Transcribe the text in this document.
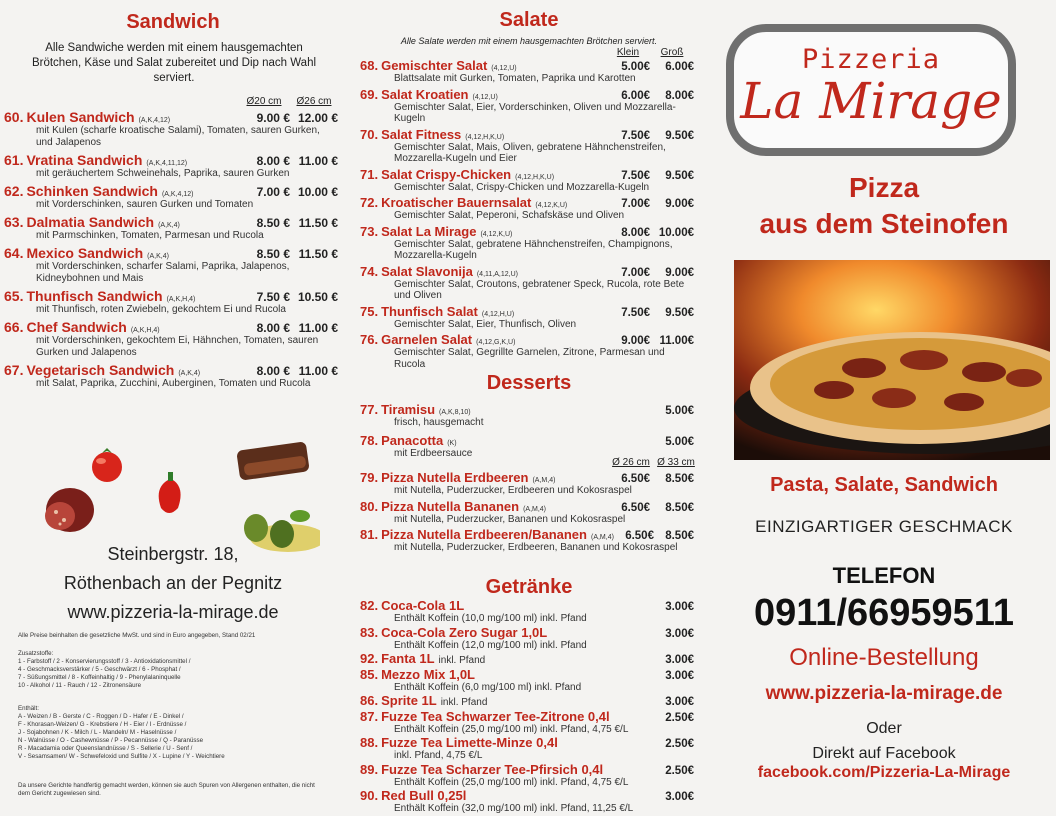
Sandwich
Alle Sandwiche werden mit einem hausgemachten Brötchen, Käse und Salat zubereitet und Dip nach Wahl serviert.
Ø20 cm	Ø26 cm
60. Kulen Sandwich (A,K,4,12)	9.00 € 12.00 €
mit Kulen (scharfe kroatische Salami), Tomaten, sauren Gurken, und Jalapenos
61. Vratina Sandwich (A,K,4,11,12)	8.00 € 11.00 €
mit geräuchertem Schweinehals, Paprika, sauren Gurken
62. Schinken Sandwich (A,K,4,12)	7.00 € 10.00 €
mit Vorderschinken, sauren Gurken und Tomaten
63. Dalmatia Sandwich (A,K,4)	8.50 € 11.50 €
mit Parmschinken, Tomaten, Parmesan und Rucola
64. Mexico Sandwich (A,K,4)	8.50 € 11.50 €
mit Vorderschinken, scharfer Salami, Paprika, Jalapenos, Kidneybohnen und Mais
65. Thunfisch Sandwich (A,K,H,4)	7.50 € 10.50 €
mit Thunfisch, roten Zwiebeln, gekochtem Ei und Rucola
66. Chef Sandwich (A,K,H,4)	8.00 € 11.00 €
mit Vorderschinken, gekochtem Ei, Hähnchen, Tomaten, sauren Gurken und Jalapenos
67. Vegetarisch Sandwich (A,K,4)	8.00 € 11.00 €
mit Salat, Paprika, Zucchini, Auberginen, Tomaten und Rucola
Steinbergstr. 18,
Röthenbach an der Pegnitz
www.pizzeria-la-mirage.de
Alle Preise beinhalten die gesetzliche MwSt. und sind in Euro angegeben, Stand 02/21
Zusatzstoffe:
1 - Farbstoff / 2 - Konservierungsstoff / 3 - Antioxidationsmittel /
4 - Geschmacksverstärker / 5 - Geschwärzt / 6 - Phosphat /
7 - Süßungsmittel / 8 - Koffeinhaltig / 9 - Phenylalaninquelle
10 - Alkohol / 11 - Rauch / 12 - Zitronensäure
Enthält:
A - Weizen / B - Gerste / C - Roggen / D - Hafer / E - Dinkel /
F - Khorasan-Weizen/ G - Krebstiere / H - Eier / I - Erdnüsse /
J - Sojabohnen / K - Milch / L - Mandeln/ M - Haselnüsse /
N - Walnüsse / O - Cashewnüsse / P - Pecannüsse / Q - Paranüsse
R - Macadamia oder Queenslandnüsse / S - Sellerie / U - Senf /
V - Sesamsamen/ W - Schwefeloxid und Sulfite / X - Lupine / Y - Weichtiere
Da unsere Gerichte handfertig gemacht werden, können sie auch Spuren von Allergenen enthalten, die nicht dem Gericht zugewiesen sind.
Salate
Alle Salate werden mit einem hausgemachten Brötchen serviert.
Klein	Groß
68. Gemischter Salat (4,12,U)	5.00€	6.00€
Blattsalate mit Gurken, Tomaten, Paprika und Karotten
69. Salat Kroatien (4,12,U)	6.00€	8.00€
Gemischter Salat, Eier, Vorderschinken, Oliven und Mozzarella-Kugeln
70. Salat Fitness (4,12,H,K,U)	7.50€	9.50€
Gemischter Salat, Mais, Oliven, gebratene Hähnchenstreifen, Mozzarella-Kugeln und Eier
71. Salat Crispy-Chicken (4,12,H,K,U)	7.50€	9.50€
Gemischter Salat, Crispy-Chicken und Mozzarella-Kugeln
72. Kroatischer Bauernsalat (4,12,K,U)	7.00€	9.00€
Gemischter Salat, Peperoni, Schafskäse und Oliven
73. Salat La Mirage (4,12,K,U)	8.00€ 10.00€
Gemischter Salat, gebratene Hähnchenstreifen, Champignons, Mozzarella-Kugeln
74. Salat Slavonija (4,11,A,12,U)	7.00€	9.00€
Gemischter Salat, Croutons, gebratener Speck, Rucola, rote Bete und Oliven
75. Thunfisch Salat (4,12,H,U)	7.50€	9.50€
Gemischter Salat, Eier, Thunfisch, Oliven
76. Garnelen Salat (4,12,G,K,U)	9.00€ 11.00€
Gemischter Salat, Gegrillte Garnelen, Zitrone, Parmesan und Rucola
Desserts
77. Tiramisu (A,K,8,10)	5.00€
frisch, hausgemacht
78. Panacotta (K)	5.00€
mit Erdbeersauce
Ø 26 cm Ø 33 cm
79. Pizza Nutella Erdbeeren (A,M,4)	6.50€	8.50€
mit Nutella, Puderzucker, Erdbeeren und Kokosraspel
80. Pizza Nutella Bananen (A,M,4)	6.50€	8.50€
mit Nutella, Puderzucker, Bananen und Kokosraspel
81. Pizza Nutella Erdbeeren/Bananen (A,M,4) 6.50€ 8.50€
mit Nutella, Puderzucker, Erdbeeren, Bananen und Kokosraspel
Getränke
82. Coca-Cola 1L	3.00€
Enthält Koffein (10,0 mg/100 ml) inkl. Pfand
83. Coca-Cola Zero Sugar 1,0L	3.00€
Enthält Koffein (12,0 mg/100 ml) inkl. Pfand
92. Fanta 1L inkl. Pfand	3.00€
85. Mezzo Mix 1,0L	3.00€
Enthält Koffein (6,0 mg/100 ml) inkl. Pfand
86. Sprite 1L inkl. Pfand	3.00€
87. Fuzze Tea Schwarzer Tee-Zitrone 0,4l	2.50€
Enthält Koffein (25,0 mg/100 ml) inkl. Pfand, 4,75 €/L
88. Fuzze Tea Limette-Minze 0,4l	2.50€
inkl. Pfand, 4,75 €/L
89. Fuzze Tea Scharzer Tee-Pfirsich 0,4l	2.50€
Enthält Koffein (25,0 mg/100 ml) inkl. Pfand, 4,75 €/L
90. Red Bull 0,25l	3.00€
Enthält Koffein (32,0 mg/100 ml) inkl. Pfand, 11,25 €/L
Pizzeria
La Mirage
Pizza
aus dem Steinofen
Pasta, Salate, Sandwich
EINZIGARTIGER GESCHMACK
TELEFON
0911/66959511
Online-Bestellung
www.pizzeria-la-mirage.de
Oder
Direkt auf Facebook
facebook.com/Pizzeria-La-Mirage
